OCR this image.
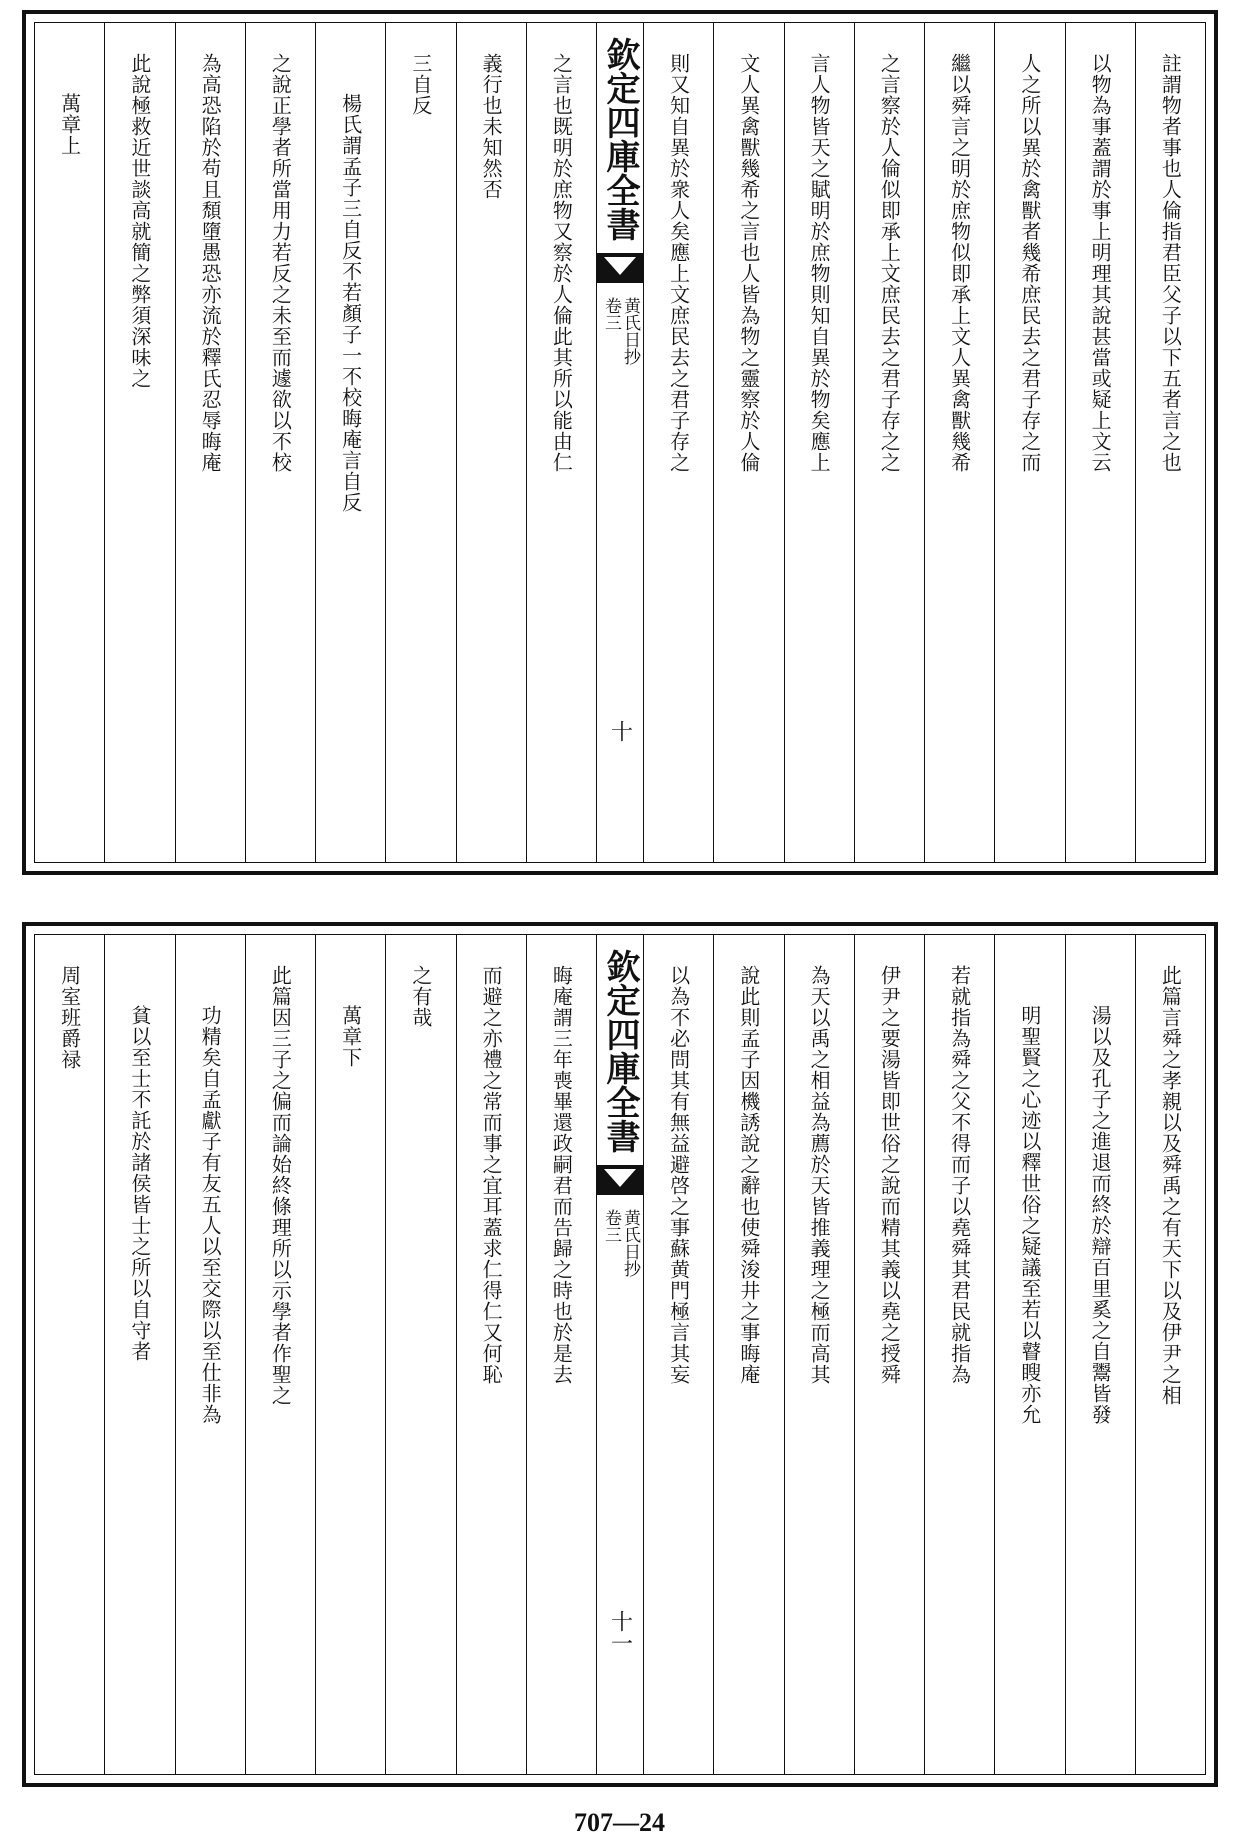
註謂物者事也人倫指君臣父子以下五者言之也
以物為事蓋謂於事上明理其說甚當或疑上文云
人之所以異於禽獸者幾希庶民去之君子存之而
繼以舜言之明於庶物似即承上文人異禽獸幾希
之言察於人倫似即承上文庶民去之君子存之之
言人物皆天之賦明於庶物則知自異於物矣應上
文人異禽獸幾希之言也人皆為物之靈察於人倫
則又知自異於衆人矣應上文庶民去之君子存之
欽定四庫全書
黄氏日抄
卷三
十
之言也既明於庶物又察於人倫此其所以能由仁
義行也未知然否
三自反
楊氏謂孟子三自反不若顏子一不校晦庵言自反
之說正學者所當用力若反之未至而遽欲以不校
為高恐陷於苟且頹墮愚恐亦流於釋氏忍辱晦庵
此說極救近世談高就簡之弊須深味之
萬章上
此篇言舜之孝親以及舜禹之有天下以及伊尹之相
湯以及孔子之進退而終於辯百里奚之自鬻皆發
明聖賢之心迹以釋世俗之疑議至若以瞽瞍亦允
若就指為舜之父不得而子以堯舜其君民就指為
伊尹之要湯皆即世俗之說而精其義以堯之授舜
為天以禹之相益為薦於天皆推義理之極而高其
說此則孟子因機誘說之辭也使舜浚井之事晦庵
以為不必問其有無益避啓之事蘇黄門極言其妄
欽定四庫全書
黄氏日抄
卷三
十一
晦庵謂三年喪畢還政嗣君而告歸之時也於是去
而避之亦禮之常而事之宜耳蓋求仁得仁又何恥
之有哉
萬章下
此篇因三子之偏而論始終條理所以示學者作聖之
功精矣自孟獻子有友五人以至交際以至仕非為
貧以至士不託於諸侯皆士之所以自守者
周室班爵禄
707—24
